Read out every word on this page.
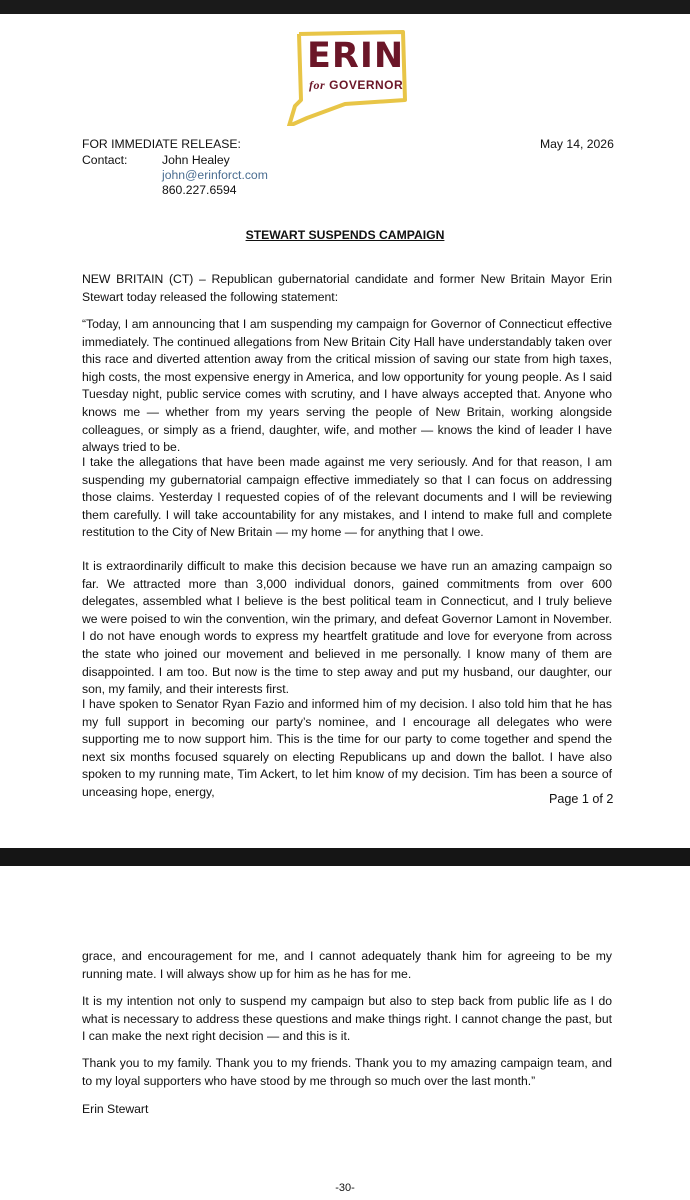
ERIN
for GOVERNOR
FOR IMMEDIATE RELEASE:	May 14, 2026
Contact:	John Healey
john@erinforct.com
860.227.6594
STEWART SUSPENDS CAMPAIGN
NEW BRITAIN (CT) – Republican gubernatorial candidate and former New Britain Mayor Erin Stewart today released the following statement:
“Today, I am announcing that I am suspending my campaign for Governor of Connecticut effective immediately. The continued allegations from New Britain City Hall have understandably taken over this race and diverted attention away from the critical mission of saving our state from high taxes, high costs, the most expensive energy in America, and low opportunity for young people. As I said Tuesday night, public service comes with scrutiny, and I have always accepted that. Anyone who knows me — whether from my years serving the people of New Britain, working alongside colleagues, or simply as a friend, daughter, wife, and mother — knows the kind of leader I have always tried to be.
I take the allegations that have been made against me very seriously. And for that reason, I am suspending my gubernatorial campaign effective immediately so that I can focus on addressing those claims. Yesterday I requested copies of of the relevant documents and I will be reviewing them carefully. I will take accountability for any mistakes, and I intend to make full and complete restitution to the City of New Britain — my home — for anything that I owe.
It is extraordinarily difficult to make this decision because we have run an amazing campaign so far. We attracted more than 3,000 individual donors, gained commitments from over 600 delegates, assembled what I believe is the best political team in Connecticut, and I truly believe we were poised to win the convention, win the primary, and defeat Governor Lamont in November. I do not have enough words to express my heartfelt gratitude and love for everyone from across the state who joined our movement and believed in me personally. I know many of them are disappointed. I am too. But now is the time to step away and put my husband, our daughter, our son, my family, and their interests first.
I have spoken to Senator Ryan Fazio and informed him of my decision. I also told him that he has my full support in becoming our party’s nominee, and I encourage all delegates who were supporting me to now support him. This is the time for our party to come together and spend the next six months focused squarely on electing Republicans up and down the ballot. I have also spoken to my running mate, Tim Ackert, to let him know of my decision. Tim has been a source of unceasing hope, energy,
Page 1 of 2
grace, and encouragement for me, and I cannot adequately thank him for agreeing to be my running mate. I will always show up for him as he has for me.
It is my intention not only to suspend my campaign but also to step back from public life as I do what is necessary to address these questions and make things right. I cannot change the past, but I can make the next right decision — and this is it.
Thank you to my family. Thank you to my friends. Thank you to my amazing campaign team, and to my loyal supporters who have stood by me through so much over the last month.”
Erin Stewart
-30-
